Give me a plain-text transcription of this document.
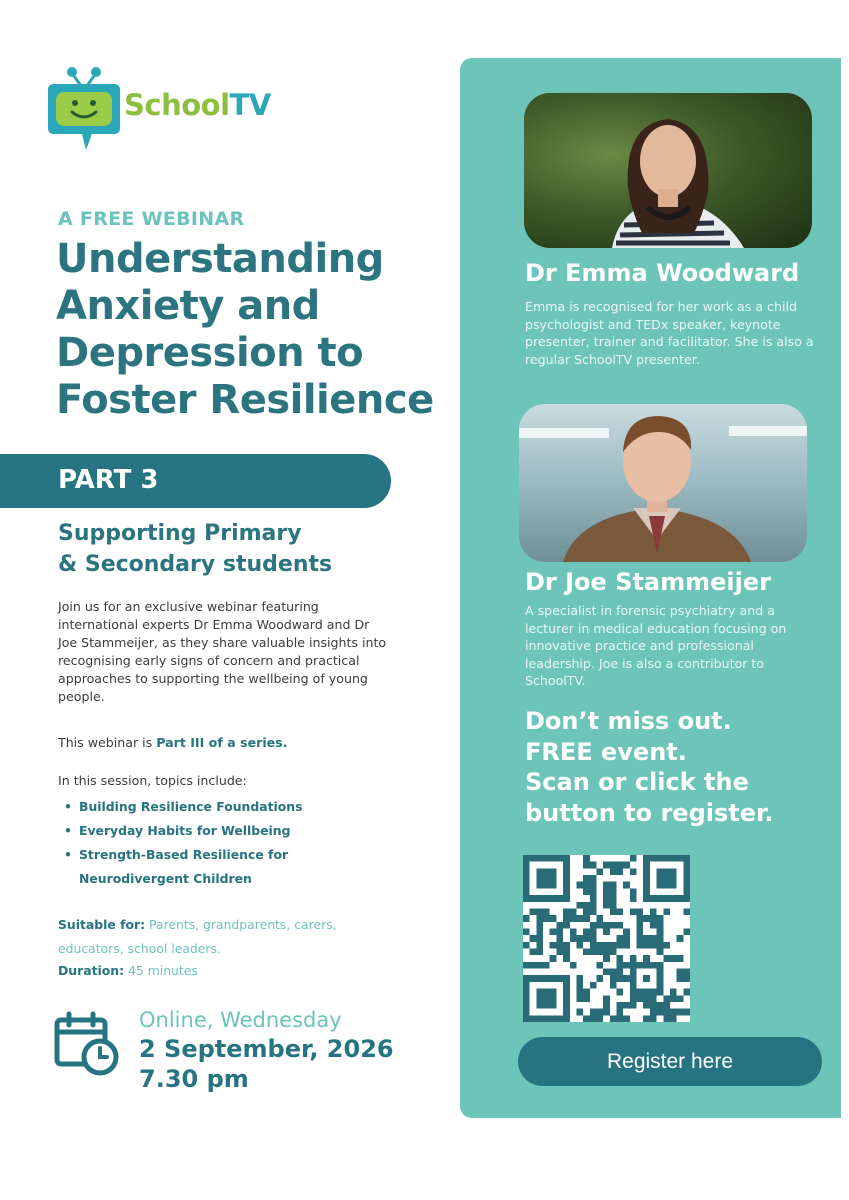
SchoolTV
A FREE WEBINAR
Understanding
Anxiety and
Depression to
Foster Resilience
PART 3
Supporting Primary
& Secondary students
Join us for an exclusive webinar featuring international experts Dr Emma Woodward and Dr Joe Stammeijer, as they share valuable insights into recognising early signs of concern and practical approaches to supporting the wellbeing of young people.
This webinar is Part III of a series.
In this session, topics include:
• Building Resilience Foundations
• Everyday Habits for Wellbeing
• Strength-Based Resilience for Neurodivergent Children
Suitable for: Parents, grandparents, carers, educators, school leaders.
Duration: 45 minutes
Online, Wednesday
2 September, 2026
7.30 pm
Dr Emma Woodward
Emma is recognised for her work as a child psychologist and TEDx speaker, keynote presenter, trainer and facilitator. She is also a regular SchoolTV presenter.
Dr Joe Stammeijer
A specialist in forensic psychiatry and a lecturer in medical education focusing on innovative practice and professional leadership. Joe is also a contributor to SchoolTV.
Don’t miss out.
FREE event.
Scan or click the
button to register.
Register here
